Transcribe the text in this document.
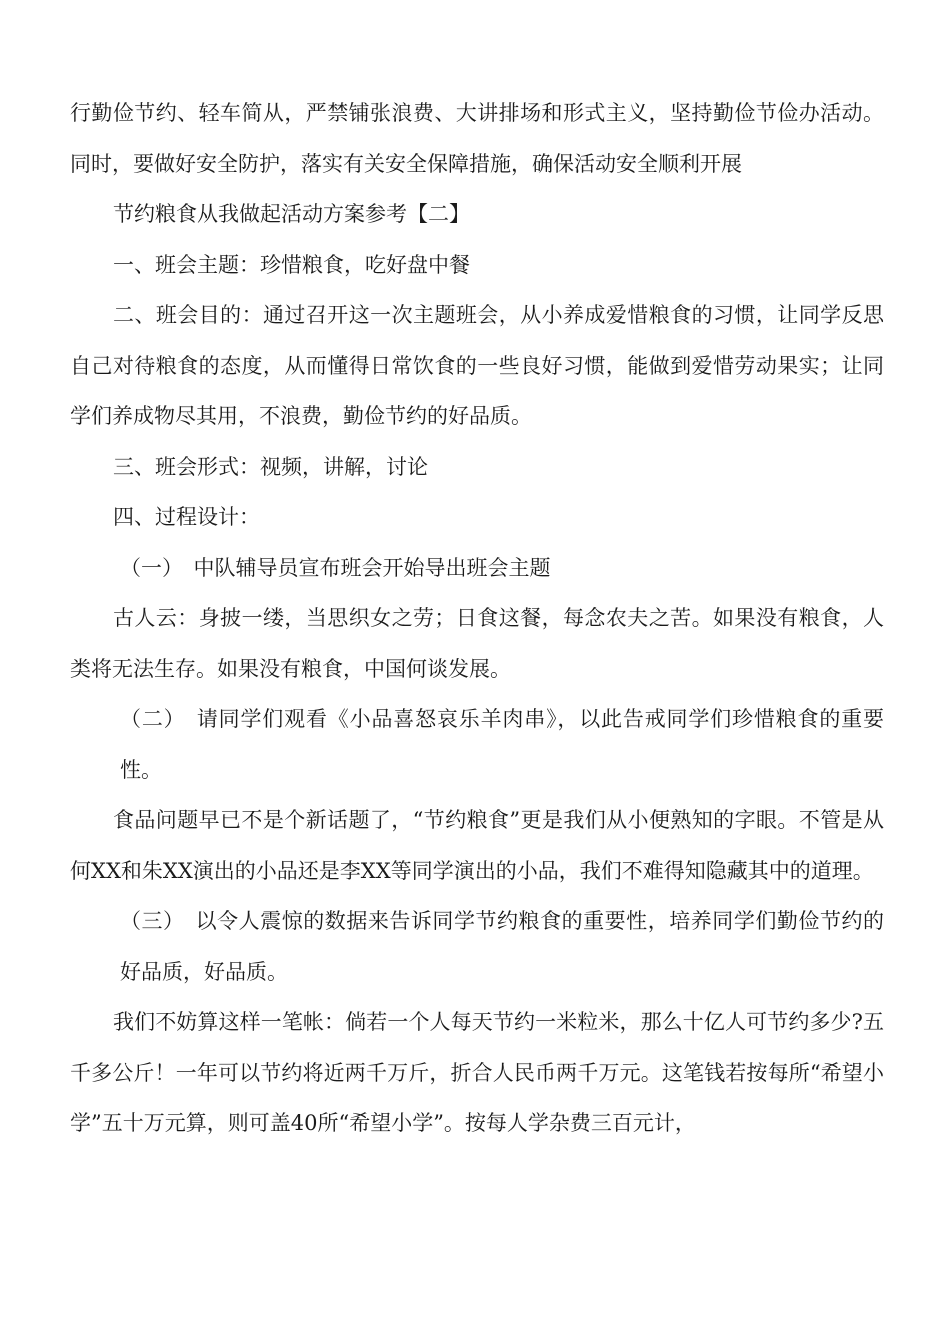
行勤俭节约、轻车简从，严禁铺张浪费、大讲排场和形式主义，坚持勤俭节俭办活动。同时，要做好安全防护，落实有关安全保障措施，确保活动安全顺利开展

节约粮食从我做起活动方案参考【二】

一、班会主题：珍惜粮食，吃好盘中餐

二、班会目的：通过召开这一次主题班会，从小养成爱惜粮食的习惯，让同学反思自己对待粮食的态度，从而懂得日常饮食的一些良好习惯，能做到爱惜劳动果实；让同学们养成物尽其用，不浪费，勤俭节约的好品质。

三、班会形式：视频，讲解，讨论

四、过程设计：

（一）　中队辅导员宣布班会开始导出班会主题

古人云：身披一缕，当思织女之劳；日食这餐，每念农夫之苦。如果没有粮食，人类将无法生存。如果没有粮食，中国何谈发展。

（二）　请同学们观看《小品喜怒哀乐羊肉串》，以此告戒同学们珍惜粮食的重要性。

食品问题早已不是个新话题了，“节约粮食”更是我们从小便熟知的字眼。不管是从何XX和朱XX演出的小品还是李XX等同学演出的小品，我们不难得知隐藏其中的道理。

（三）　以令人震惊的数据来告诉同学节约粮食的重要性，培养同学们勤俭节约的好品质，好品质。

我们不妨算这样一笔帐：倘若一个人每天节约一米粒米，那么十亿人可节约多少?五千多公斤！一年可以节约将近两千万斤，折合人民币两千万元。这笔钱若按每所“希望小学”五十万元算，则可盖40所“希望小学”。按每人学杂费三百元计，
